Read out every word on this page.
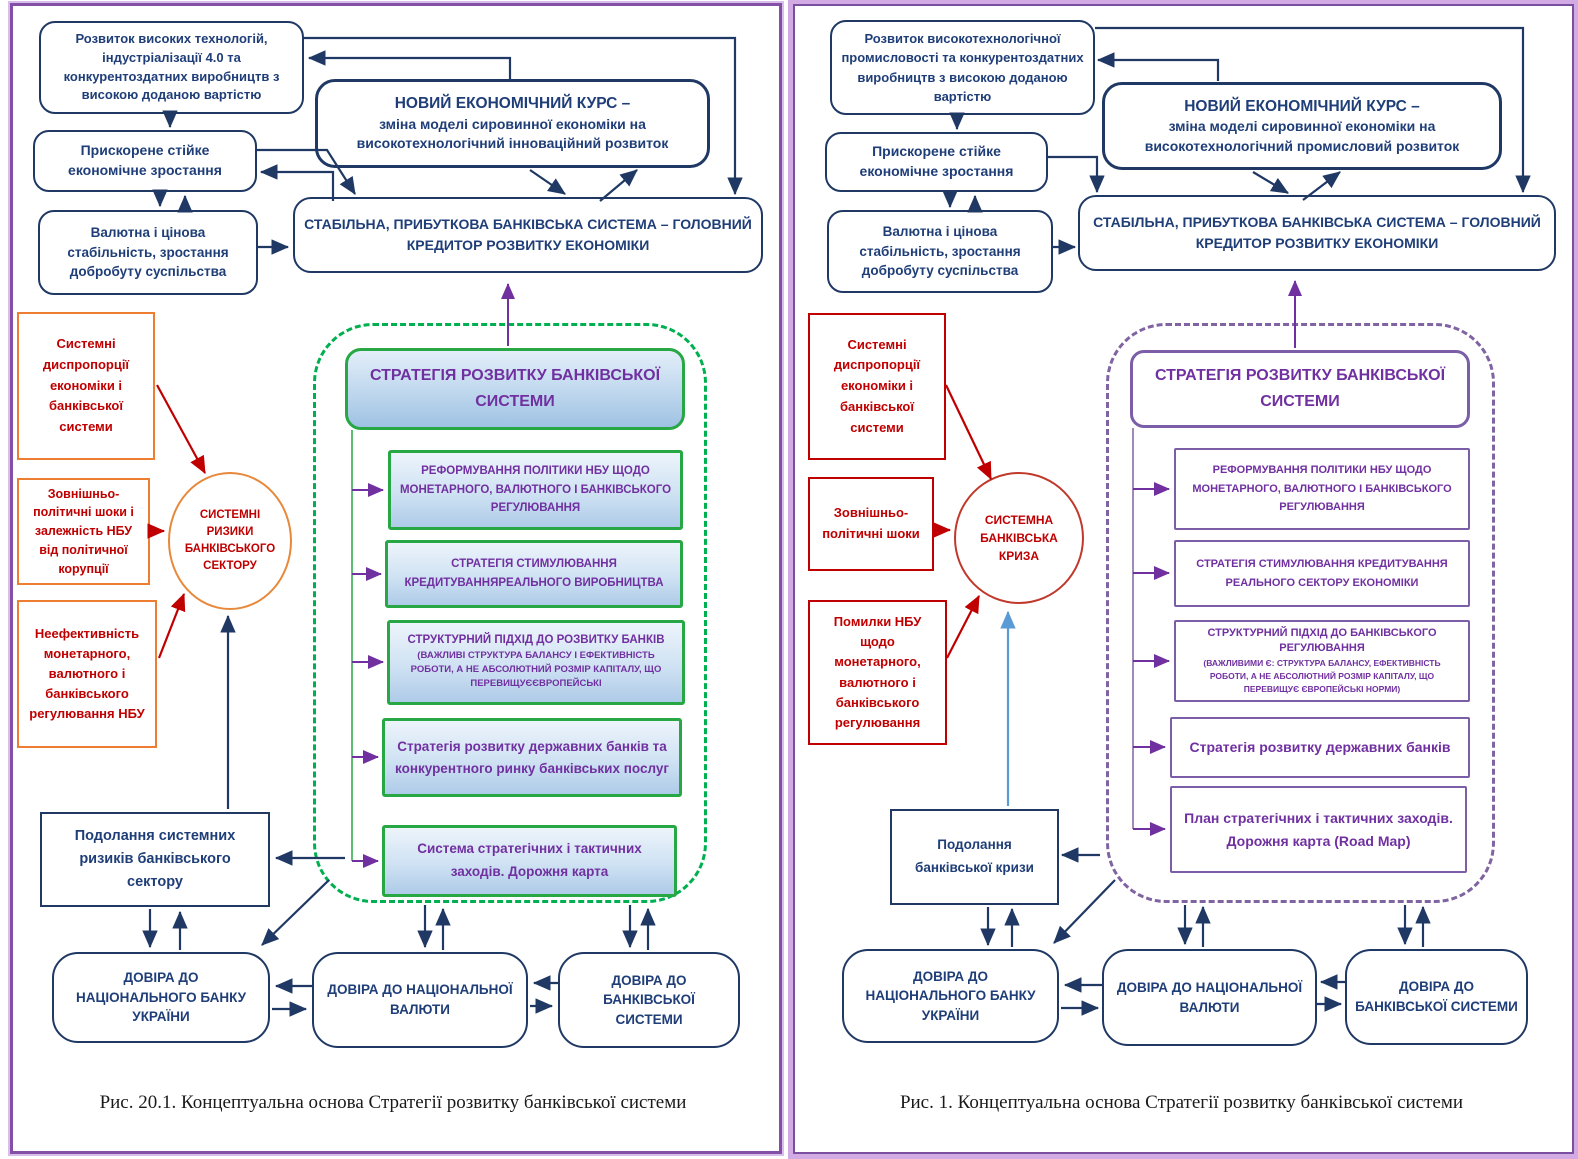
Розвиток високих технологій, індустріалізації 4.0 та конкурентоздатних виробництв з високою доданою вартістю
НОВИЙ ЕКОНОМІЧНИЙ КУРС –
зміна моделі сировинної економіки на високотехнологічний інноваційний розвиток
Прискорене стійке економічне зростання
Валютна і цінова стабільність, зростання добробуту суспільства
СТАБІЛЬНА, ПРИБУТКОВА БАНКІВСЬКА СИСТЕМА – ГОЛОВНИЙ КРЕДИТОР РОЗВИТКУ ЕКОНОМІКИ
Системні диспропорції економіки і банківської системи
Зовнішньо-політичні шоки і залежність НБУ від політичної корупції
Неефективність монетарного, валютного і банківського регулювання НБУ
СИСТЕМНІ РИЗИКИ БАНКІВСЬКОГО СЕКТОРУ
СТРАТЕГІЯ РОЗВИТКУ БАНКІВСЬКОЇ СИСТЕМИ
РЕФОРМУВАННЯ ПОЛІТИКИ НБУ ЩОДО МОНЕТАРНОГО, ВАЛЮТНОГО І БАНКІВСЬКОГО РЕГУЛЮВАННЯ
СТРАТЕГІЯ СТИМУЛЮВАННЯ КРЕДИТУВАННЯРЕАЛЬНОГО ВИРОБНИЦТВА
СТРУКТУРНИЙ ПІДХІД ДО РОЗВИТКУ БАНКІВ
(ВАЖЛИВІ СТРУКТУРА БАЛАНСУ І ЕФЕКТИВНІСТЬ РОБОТИ, А НЕ АБСОЛЮТНИЙ РОЗМІР КАПІТАЛУ, ЩО ПЕРЕВИЩУЄЄВРОПЕЙСЬКІ
Стратегія розвитку державних банків та конкурентного ринку банківських послуг
Система стратегічних і тактичних заходів. Дорожня карта
Подолання системних ризиків банківського сектору
ДОВІРА ДО НАЦІОНАЛЬНОГО БАНКУ УКРАЇНИ
ДОВІРА ДО НАЦІОНАЛЬНОЇ ВАЛЮТИ
ДОВІРА ДО БАНКІВСЬКОЇ СИСТЕМИ
Рис. 20.1. Концептуальна основа Стратегії розвитку банківської системи
Розвиток високотехнологічної промисловості та конкурентоздатних виробництв з високою доданою вартістю
НОВИЙ ЕКОНОМІЧНИЙ КУРС –
зміна моделі сировинної економіки на високотехнологічний промисловий розвиток
Прискорене стійке економічне зростання
Валютна і цінова стабільність, зростання добробуту суспільства
СТАБІЛЬНА, ПРИБУТКОВА БАНКІВСЬКА СИСТЕМА – ГОЛОВНИЙ КРЕДИТОР РОЗВИТКУ ЕКОНОМІКИ
Системні диспропорції економіки і банківської системи
Зовнішньо-політичні шоки
Помилки НБУ щодо монетарного, валютного і банківського регулювання
СИСТЕМНА БАНКІВСЬКА КРИЗА
СТРАТЕГІЯ РОЗВИТКУ БАНКІВСЬКОЇ СИСТЕМИ
РЕФОРМУВАННЯ ПОЛІТИКИ НБУ ЩОДО МОНЕТАРНОГО, ВАЛЮТНОГО І БАНКІВСЬКОГО РЕГУЛЮВАННЯ
СТРАТЕГІЯ СТИМУЛЮВАННЯ КРЕДИТУВАННЯ РЕАЛЬНОГО СЕКТОРУ ЕКОНОМІКИ
СТРУКТУРНИЙ ПІДХІД ДО БАНКІВСЬКОГО РЕГУЛЮВАННЯ
(ВАЖЛИВИМИ Є: СТРУКТУРА БАЛАНСУ, ЕФЕКТИВНІСТЬ РОБОТИ, А НЕ АБСОЛЮТНИЙ РОЗМІР КАПІТАЛУ, ЩО ПЕРЕВИЩУЄ ЄВРОПЕЙСЬКІ НОРМИ)
Стратегія розвитку державних банків
План стратегічних і тактичних заходів. Дорожня карта (Road Map)
Подолання банківської кризи
ДОВІРА ДО НАЦІОНАЛЬНОГО БАНКУ УКРАЇНИ
ДОВІРА ДО НАЦІОНАЛЬНОЇ ВАЛЮТИ
ДОВІРА ДО БАНКІВСЬКОЇ СИСТЕМИ
Рис. 1. Концептуальна основа Стратегії розвитку банківської системи
